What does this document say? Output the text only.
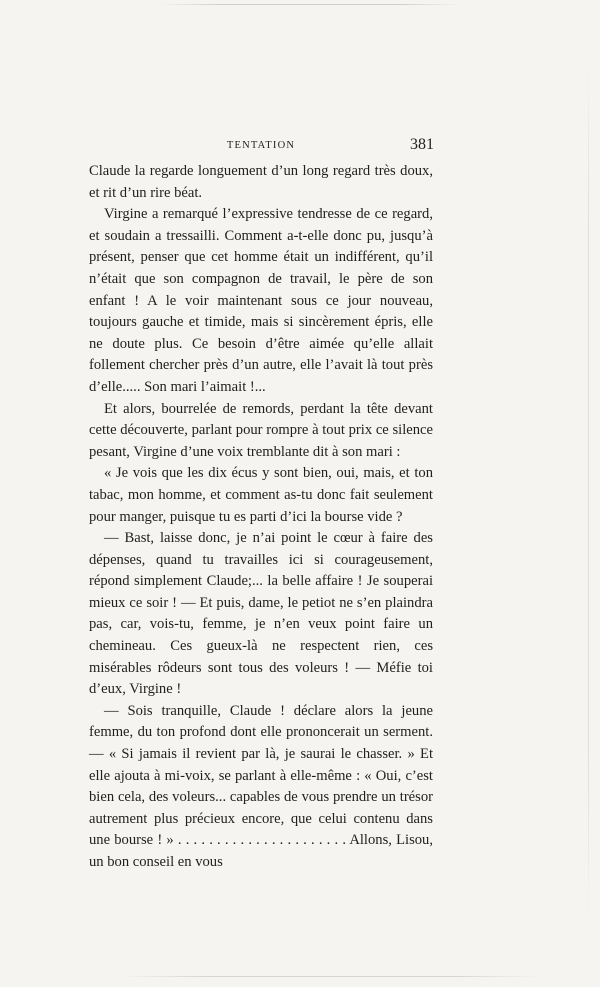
TENTATION	381

Claude la regarde longuement d’un long regard très doux, et rit d’un rire béat.

Virgine a remarqué l’expressive tendresse de ce regard, et soudain a tressailli. Comment a-t-elle donc pu, jusqu’à présent, penser que cet homme était un indifférent, qu’il n’était que son compagnon de travail, le père de son enfant ! A le voir maintenant sous ce jour nouveau, toujours gauche et timide, mais si sincèrement épris, elle ne doute plus. Ce besoin d’être aimée qu’elle allait follement chercher près d’un autre, elle l’avait là tout près d’elle..... Son mari l’aimait !...

Et alors, bourrelée de remords, perdant la tête devant cette découverte, parlant pour rompre à tout prix ce silence pesant, Virgine d’une voix tremblante dit à son mari :

« Je vois que les dix écus y sont bien, oui, mais, et ton tabac, mon homme, et comment as-tu donc fait seulement pour manger, puisque tu es parti d’ici la bourse vide ?

— Bast, laisse donc, je n’ai point le cœur à faire des dépenses, quand tu travailles ici si courageusement, répond simplement Claude;... la belle affaire ! Je souperai mieux ce soir ! — Et puis, dame, le petiot ne s’en plaindra pas, car, vois-tu, femme, je n’en veux point faire un chemineau. Ces gueux-là ne respectent rien, ces misérables rôdeurs sont tous des voleurs ! — Méfie toi d’eux, Virgine !

— Sois tranquille, Claude ! déclare alors la jeune femme, du ton profond dont elle prononcerait un serment. — « Si jamais il revient par là, je saurai le chasser. » Et elle ajouta à mi-voix, se parlant à elle-même : « Oui, c’est bien cela, des voleurs... capables de vous prendre un trésor autrement plus précieux encore, que celui contenu dans une bourse ! » . . . . . . . . . . . . . . . . . . . . . . Allons, Lisou, un bon conseil en vous
